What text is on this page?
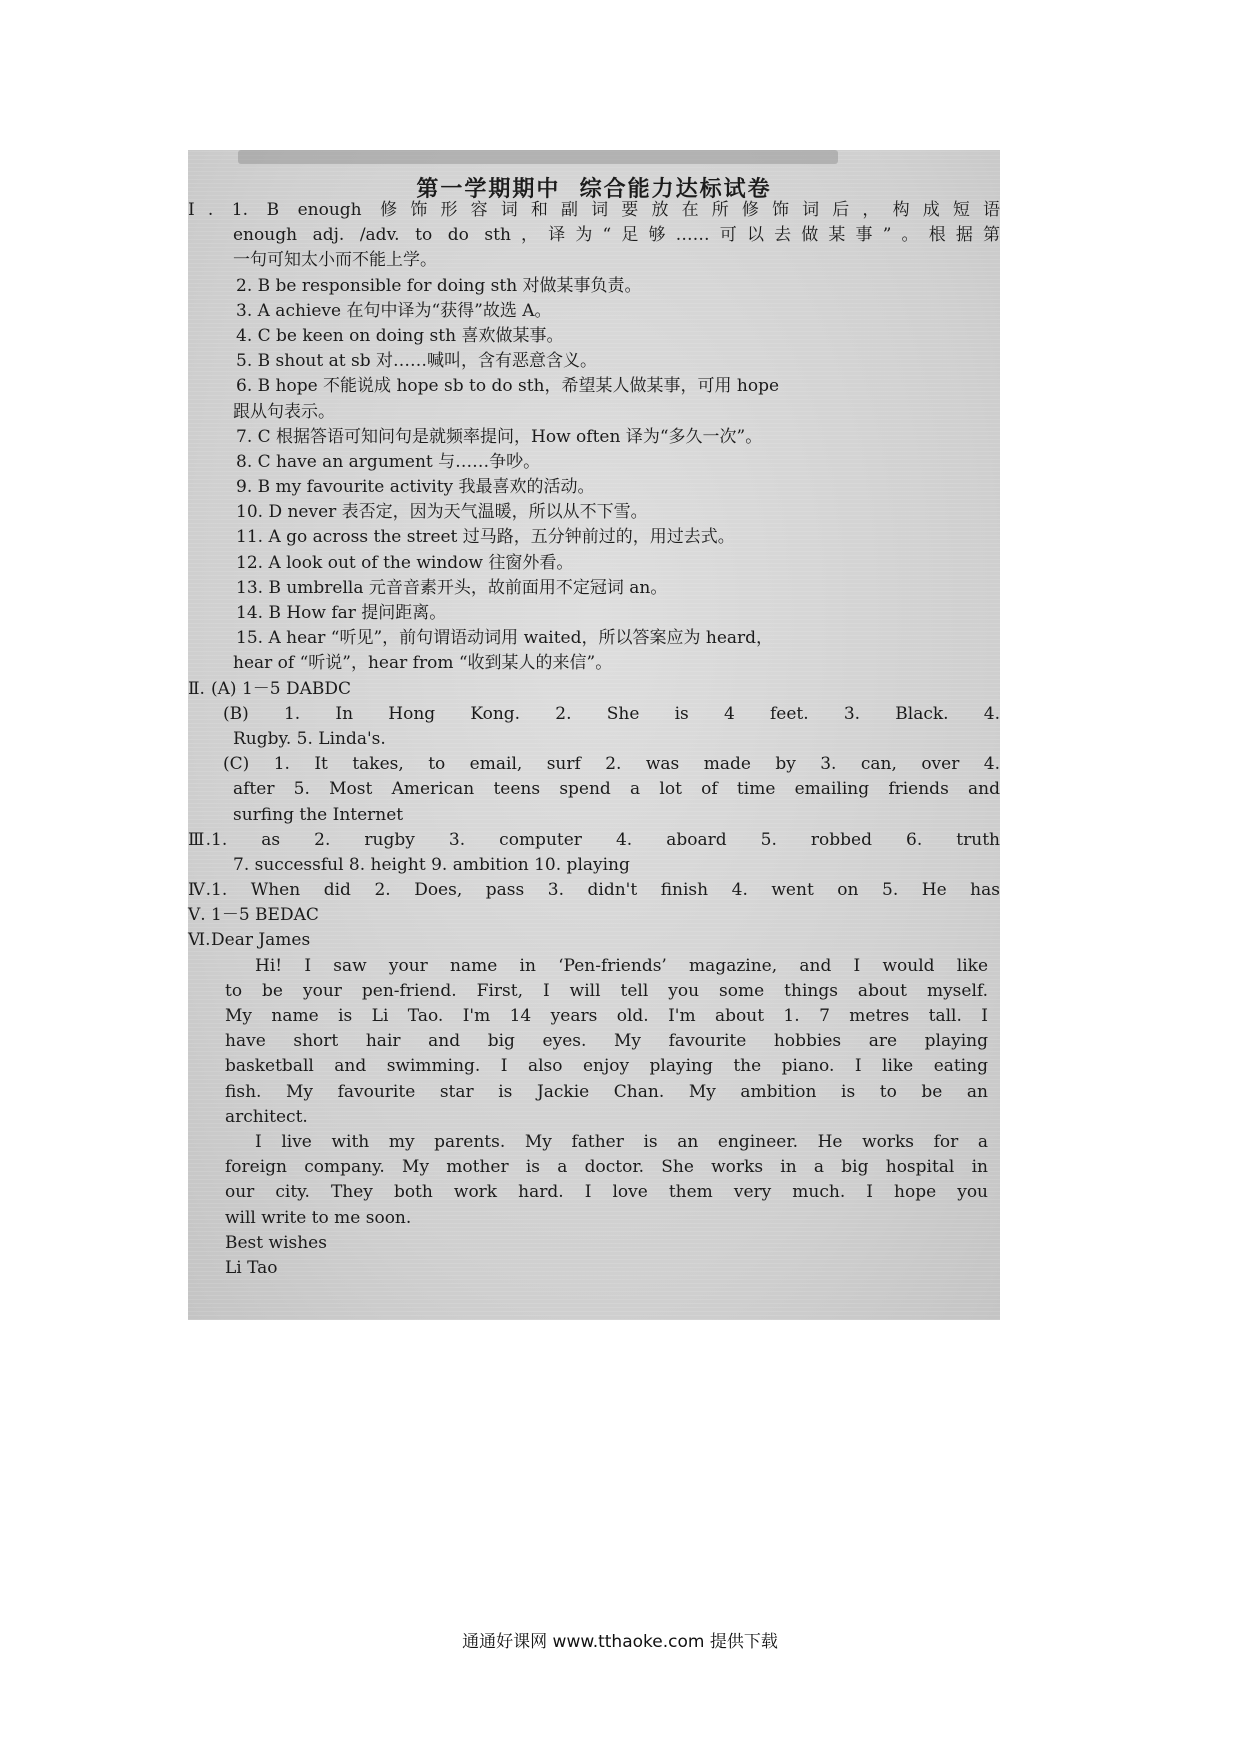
第一学期期中  综合能力达标试卷
Ⅰ. 1. B enough 修饰形容词和副词要放在所修饰词后，构成短语
enough adj. /adv. to do sth，译为“足够……可以去做某事”。根据第
一句可知太小而不能上学。
2. B be responsible for doing sth 对做某事负责。
3. A achieve 在句中译为“获得”故选 A。
4. C be keen on doing sth 喜欢做某事。
5. B shout at sb 对……喊叫，含有恶意含义。
6. B hope 不能说成 hope sb to do sth，希望某人做某事，可用 hope
跟从句表示。
7. C 根据答语可知问句是就频率提问，How often 译为“多久一次”。
8. C have an argument 与……争吵。
9. B my favourite activity 我最喜欢的活动。
10. D never 表否定，因为天气温暖，所以从不下雪。
11. A go across the street 过马路，五分钟前过的，用过去式。
12. A look out of the window 往窗外看。
13. B umbrella 元音音素开头，故前面用不定冠词 an。
14. B How far 提问距离。
15. A hear “听见”，前句谓语动词用 waited，所以答案应为 heard，
hear of “听说”，hear from “收到某人的来信”。
Ⅱ. (A) 1－5 DABDC
(B) 1. In Hong Kong. 2. She is 4 feet. 3. Black. 4.
Rugby. 5. Linda's.
(C) 1. It takes, to email, surf 2. was made by 3. can, over 4.
after 5. Most American teens spend a lot of time emailing friends and
surfing the Internet
Ⅲ.1. as 2. rugby 3. computer 4. aboard 5. robbed 6. truth
7. successful 8. height 9. ambition 10. playing
Ⅳ.1. When did 2. Does, pass 3. didn't finish 4. went on 5. He has
Ⅴ. 1－5 BEDAC
Ⅵ.Dear James
Hi! I saw your name in ‘Pen-friends’ magazine, and I would like
to be your pen-friend. First, I will tell you some things about myself.
My name is Li Tao. I'm 14 years old. I'm about 1. 7 metres tall. I
have short hair and big eyes. My favourite hobbies are playing
basketball and swimming. I also enjoy playing the piano. I like eating
fish. My favourite star is Jackie Chan. My ambition is to be an
architect.
I live with my parents. My father is an engineer. He works for a
foreign company. My mother is a doctor. She works in a big hospital in
our city. They both work hard. I love them very much. I hope you
will write to me soon.
Best wishes
Li Tao
通通好课网 www.tthaoke.com 提供下载
